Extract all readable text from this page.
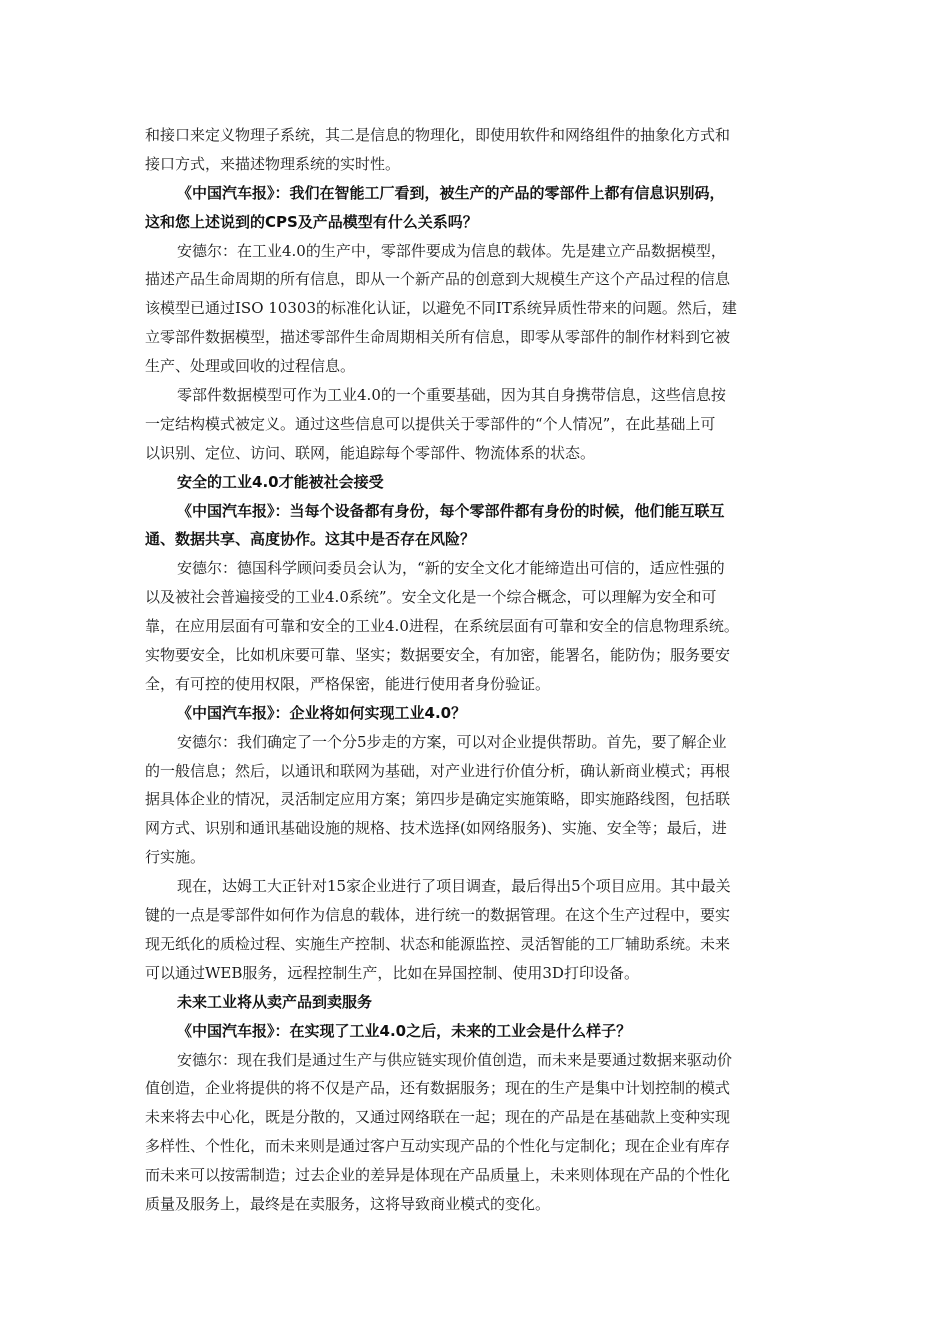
和接口来定义物理子系统，其二是信息的物理化，即使用软件和网络组件的抽象化方式和
接口方式，来描述物理系统的实时性。
《中国汽车报》：我们在智能工厂看到，被生产的产品的零部件上都有信息识别码，
这和您上述说到的CPS及产品模型有什么关系吗？
安德尔：在工业4.0的生产中，零部件要成为信息的载体。先是建立产品数据模型，
描述产品生命周期的所有信息，即从一个新产品的创意到大规模生产这个产品过程的信息
该模型已通过ISO 10303的标准化认证，以避免不同IT系统异质性带来的问题。然后，建
立零部件数据模型，描述零部件生命周期相关所有信息，即零从零部件的制作材料到它被
生产、处理或回收的过程信息。
零部件数据模型可作为工业4.0的一个重要基础，因为其自身携带信息，这些信息按
一定结构模式被定义。通过这些信息可以提供关于零部件的“个人情况”，在此基础上可
以识别、定位、访问、联网，能追踪每个零部件、物流体系的状态。
安全的工业4.0才能被社会接受
《中国汽车报》：当每个设备都有身份，每个零部件都有身份的时候，他们能互联互
通、数据共享、高度协作。这其中是否存在风险？
安德尔：德国科学顾问委员会认为，“新的安全文化才能缔造出可信的，适应性强的
以及被社会普遍接受的工业4.0系统”。安全文化是一个综合概念，可以理解为安全和可
靠，在应用层面有可靠和安全的工业4.0进程，在系统层面有可靠和安全的信息物理系统。
实物要安全，比如机床要可靠、坚实；数据要安全，有加密，能署名，能防伪；服务要安
全，有可控的使用权限，严格保密，能进行使用者身份验证。
《中国汽车报》：企业将如何实现工业4.0？
安德尔：我们确定了一个分5步走的方案，可以对企业提供帮助。首先，要了解企业
的一般信息；然后，以通讯和联网为基础，对产业进行价值分析，确认新商业模式；再根
据具体企业的情况，灵活制定应用方案；第四步是确定实施策略，即实施路线图，包括联
网方式、识别和通讯基础设施的规格、技术选择(如网络服务)、实施、安全等；最后，进
行实施。
现在，达姆工大正针对15家企业进行了项目调查，最后得出5个项目应用。其中最关
键的一点是零部件如何作为信息的载体，进行统一的数据管理。在这个生产过程中，要实
现无纸化的质检过程、实施生产控制、状态和能源监控、灵活智能的工厂辅助系统。未来
可以通过WEB服务，远程控制生产，比如在异国控制、使用3D打印设备。
未来工业将从卖产品到卖服务
《中国汽车报》：在实现了工业4.0之后，未来的工业会是什么样子？
安德尔：现在我们是通过生产与供应链实现价值创造，而未来是要通过数据来驱动价
值创造，企业将提供的将不仅是产品，还有数据服务；现在的生产是集中计划控制的模式
未来将去中心化，既是分散的，又通过网络联在一起；现在的产品是在基础款上变种实现
多样性、个性化，而未来则是通过客户互动实现产品的个性化与定制化；现在企业有库存
而未来可以按需制造；过去企业的差异是体现在产品质量上，未来则体现在产品的个性化
质量及服务上，最终是在卖服务，这将导致商业模式的变化。
